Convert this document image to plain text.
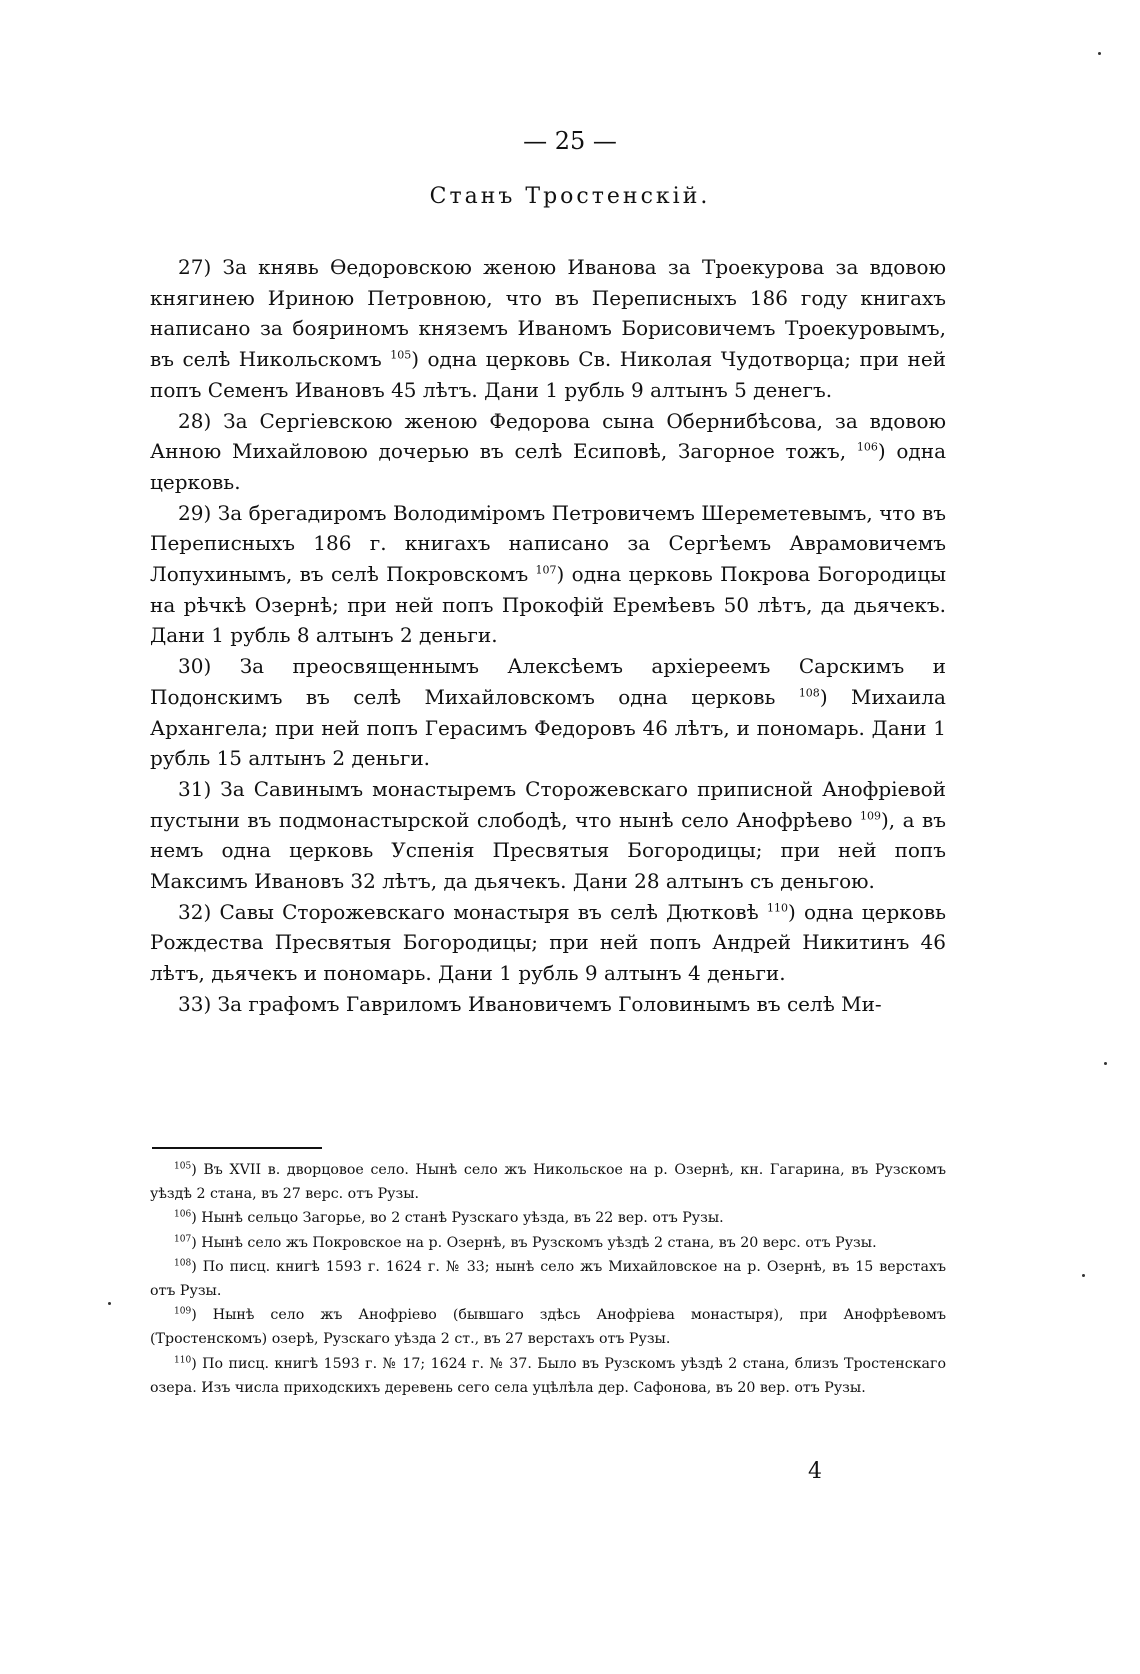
— 25 —
Станъ Тростенскій.

27) За княвь Өедоровскою женою Иванова за Троекурова за вдовою княгинею Ириною Петровною, что въ Переписныхъ 186 году книгахъ написано за бояриномъ княземъ Иваномъ Борисовичемъ Троекуровымъ, въ селѣ Никольскомъ $^{105}$) одна церковь Св. Николая Чудотворца; при ней попъ Семенъ Ивановъ 45 лѣтъ. Дани 1 рубль 9 алтынъ 5 денегъ.

28) За Сергіевскою женою Федорова сына Обернибѣсова, за вдовою Анною Михайловою дочерью въ селѣ Есиповѣ, Загорное тожъ, $^{106}$) одна церковь.

29) За брегадиромъ Володиміромъ Петровичемъ Шереметевымъ, что въ Переписныхъ 186 г. книгахъ написано за Сергѣемъ Аврамовичемъ Лопухинымъ, въ селѣ Покровскомъ $^{107}$) одна церковь Покрова Богородицы на рѣчкѣ Озернѣ; при ней попъ Прокофій Еремѣевъ 50 лѣтъ, да дьячекъ. Дани 1 рубль 8 алтынъ 2 деньги.

30) За преосвященнымъ Алексѣемъ архіереемъ Сарскимъ и Подонскимъ въ селѣ Михайловскомъ одна церковь $^{108}$) Михаила Архангела; при ней попъ Герасимъ Федоровъ 46 лѣтъ, и пономарь. Дани 1 рубль 15 алтынъ 2 деньги.

31) За Савинымъ монастыремъ Сторожевскаго приписной Анофріевой пустыни въ подмонастырской слободѣ, что нынѣ село Анофрѣево $^{109}$), а въ немъ одна церковь Успенія Пресвятыя Богородицы; при ней попъ Максимъ Ивановъ 32 лѣтъ, да дьячекъ. Дани 28 алтынъ съ деньгою.

32) Савы Сторожевскаго монастыря въ селѣ Дютковѣ $^{110}$) одна церковь Рождества Пресвятыя Богородицы; при ней попъ Андрей Никитинъ 46 лѣтъ, дьячекъ и пономарь. Дани 1 рубль 9 алтынъ 4 деньги.

33) За графомъ Гавриломъ Ивановичемъ Головинымъ въ селѣ Ми-

$^{105}$) Въ XVII в. дворцовое село. Нынѣ село жъ Никольское на р. Озернѣ, кн. Гагарина, въ Рузскомъ уѣздѣ 2 стана, въ 27 верс. отъ Рузы.

$^{106}$) Нынѣ сельцо Загорье, во 2 станѣ Рузскаго уѣзда, въ 22 вер. отъ Рузы.

$^{107}$) Нынѣ село жъ Покровское на р. Озернѣ, въ Рузскомъ уѣздѣ 2 стана, въ 20 верс. отъ Рузы.

$^{108}$) По писц. книгѣ 1593 г. 1624 г. № 33; нынѣ село жъ Михайловское на р. Озернѣ, въ 15 верстахъ отъ Рузы.

$^{109}$) Нынѣ село жъ Анофріево (бывшаго здѣсь Анофріева монастыря), при Анофрѣевомъ (Тростенскомъ) озерѣ, Рузскаго уѣзда 2 ст., въ 27 верстахъ отъ Рузы.

$^{110}$) По писц. книгѣ 1593 г. № 17; 1624 г. № 37. Было въ Рузскомъ уѣздѣ 2 стана, близъ Тростенскаго озера. Изъ числа приходскихъ деревень сего села уцѣлѣла дер. Сафонова, въ 20 вер. отъ Рузы.

4
